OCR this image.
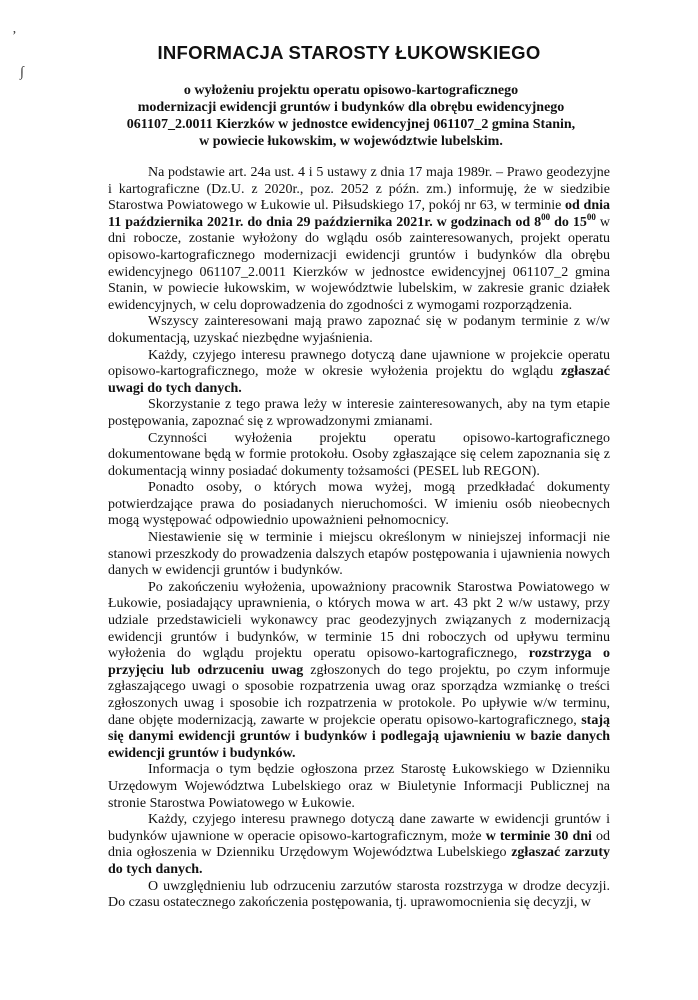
’
∫
INFORMACJA STAROSTY ŁUKOWSKIEGO
o wyłożeniu projektu operatu opisowo-kartograficznego
modernizacji ewidencji gruntów i budynków dla obrębu ewidencyjnego
061107_2.0011 Kierzków w jednostce ewidencyjnej 061107_2 gmina Stanin,
w powiecie łukowskim, w województwie lubelskim.

Na podstawie art. 24a ust. 4 i 5 ustawy z dnia 17 maja 1989r. – Prawo geodezyjne i kartograficzne (Dz.U. z 2020r., poz. 2052 z późn. zm.) informuję, że w siedzibie Starostwa Powiatowego w Łukowie ul. Piłsudskiego 17, pokój nr 63, w terminie od dnia 11 października 2021r. do dnia 29 października 2021r. w godzinach od $8^{00}$ do $15^{00}$ w dni robocze, zostanie wyłożony do wglądu osób zainteresowanych, projekt operatu opisowo-kartograficznego modernizacji ewidencji gruntów i budynków dla obrębu ewidencyjnego 061107_2.0011 Kierzków w jednostce ewidencyjnej 061107_2 gmina Stanin, w powiecie łukowskim, w województwie lubelskim, w zakresie granic działek ewidencyjnych, w celu doprowadzenia do zgodności z wymogami rozporządzenia.

Wszyscy zainteresowani mają prawo zapoznać się w podanym terminie z w/w dokumentacją, uzyskać niezbędne wyjaśnienia.

Każdy, czyjego interesu prawnego dotyczą dane ujawnione w projekcie operatu opisowo-kartograficznego, może w okresie wyłożenia projektu do wglądu zgłaszać uwagi do tych danych.

Skorzystanie z tego prawa leży w interesie zainteresowanych, aby na tym etapie postępowania, zapoznać się z wprowadzonymi zmianami.

Czynności wyłożenia projektu operatu opisowo-kartograficznego dokumentowane będą w formie protokołu. Osoby zgłaszające się celem zapoznania się z dokumentacją winny posiadać dokumenty tożsamości (PESEL lub REGON).

Ponadto osoby, o których mowa wyżej, mogą przedkładać dokumenty potwierdzające prawa do posiadanych nieruchomości. W imieniu osób nieobecnych mogą występować odpowiednio upoważnieni pełnomocnicy.

Niestawienie się w terminie i miejscu określonym w niniejszej informacji nie stanowi przeszkody do prowadzenia dalszych etapów postępowania i ujawnienia nowych danych w ewidencji gruntów i budynków.

Po zakończeniu wyłożenia, upoważniony pracownik Starostwa Powiatowego w Łukowie, posiadający uprawnienia, o których mowa w art. 43 pkt 2 w/w ustawy, przy udziale przedstawicieli wykonawcy prac geodezyjnych związanych z modernizacją ewidencji gruntów i budynków, w terminie 15 dni roboczych od upływu terminu wyłożenia do wglądu projektu operatu opisowo-kartograficznego, rozstrzyga o przyjęciu lub odrzuceniu uwag zgłoszonych do tego projektu, po czym informuje zgłaszającego uwagi o sposobie rozpatrzenia uwag oraz sporządza wzmiankę o treści zgłoszonych uwag i sposobie ich rozpatrzenia w protokole. Po upływie w/w terminu, dane objęte modernizacją, zawarte w projekcie operatu opisowo-kartograficznego, stają się danymi ewidencji gruntów i budynków i podlegają ujawnieniu w bazie danych ewidencji gruntów i budynków.

Informacja o tym będzie ogłoszona przez Starostę Łukowskiego w Dzienniku Urzędowym Województwa Lubelskiego oraz w Biuletynie Informacji Publicznej na stronie Starostwa Powiatowego w Łukowie.

Każdy, czyjego interesu prawnego dotyczą dane zawarte w ewidencji gruntów i budynków ujawnione w operacie opisowo-kartograficznym, może w terminie 30 dni od dnia ogłoszenia w Dzienniku Urzędowym Województwa Lubelskiego zgłaszać zarzuty do tych danych.

O uwzględnieniu lub odrzuceniu zarzutów starosta rozstrzyga w drodze decyzji. Do czasu ostatecznego zakończenia postępowania, tj. uprawomocnienia się decyzji, w
